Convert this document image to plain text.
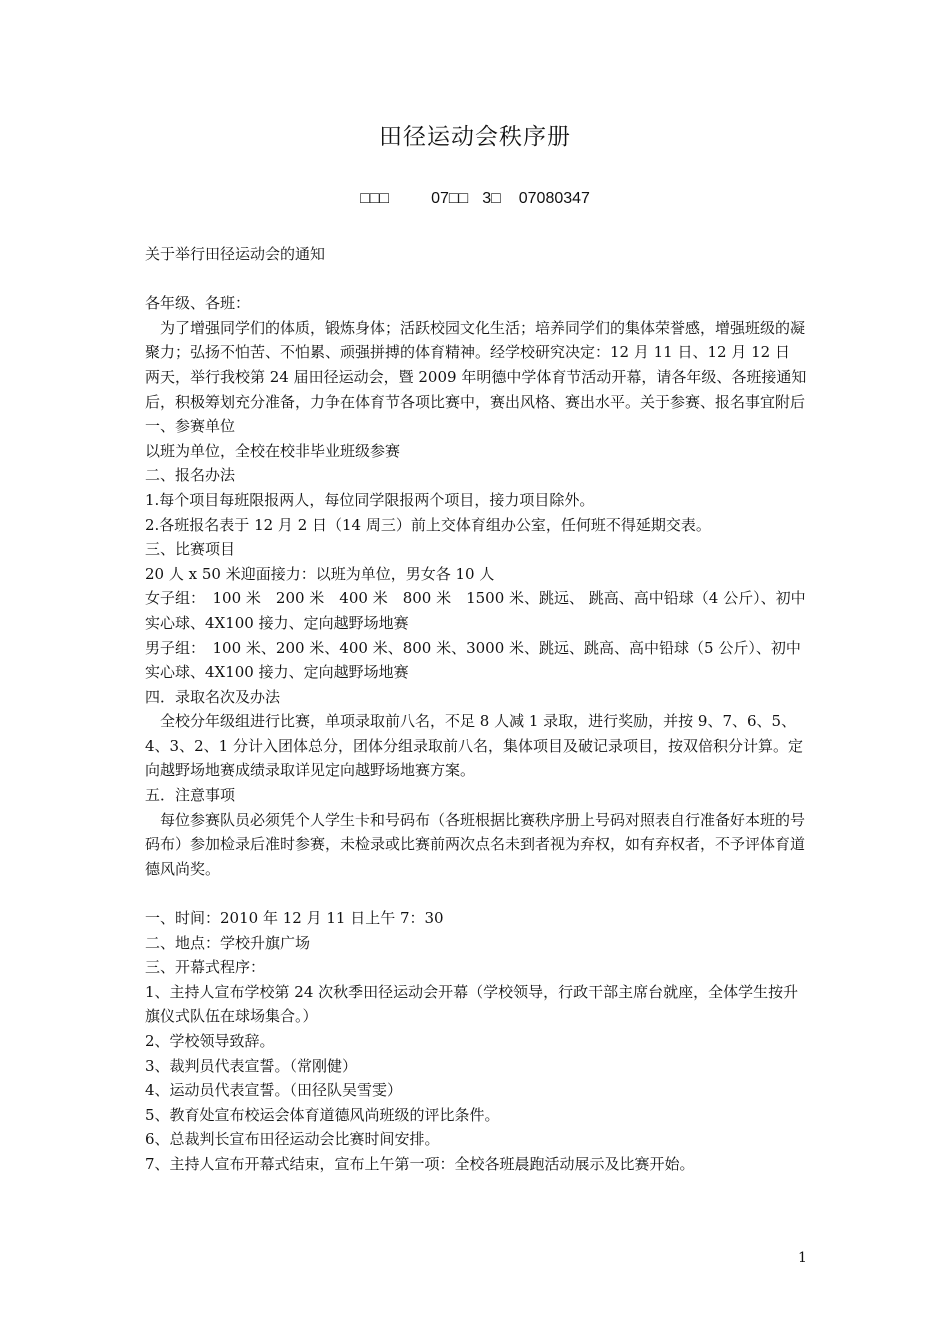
田径运动会秩序册
□□□	07□□ 3□ 07080347

关于举行田径运动会的通知

各年级、各班：

为了增强同学们的体质，锻炼身体；活跃校园文化生活；培养同学们的集体荣誉感，增强班级的凝聚力；弘扬不怕苦、不怕累、顽强拼搏的体育精神。经学校研究决定：12 月 11 日、12 月 12 日　两天，举行我校第 24 届田径运动会，暨 2009 年明德中学体育节活动开幕，请各年级、各班接通知后，积极筹划充分准备，力争在体育节各项比赛中，赛出风格、赛出水平。关于参赛、报名事宜附后

一、参赛单位

以班为单位，全校在校非毕业班级参赛

二、报名办法

1.每个项目每班限报两人，每位同学限报两个项目，接力项目除外。

2.各班报名表于 12 月 2 日（14 周三）前上交体育组办公室，任何班不得延期交表。

三、比赛项目

20 人 x 50 米迎面接力：以班为单位，男女各 10 人

女子组：　100 米　200 米　400 米　800 米　1500 米、跳远、 跳高、高中铅球（4 公斤）、初中实心球、4X100 接力、定向越野场地赛

男子组：　100 米、200 米、400 米、800 米、3000 米、跳远、跳高、高中铅球（5 公斤）、初中实心球、4X100 接力、定向越野场地赛

四．录取名次及办法

全校分年级组进行比赛，单项录取前八名，不足 8 人减 1 录取，进行奖励，并按 9、7、6、5、4、3、2、1 分计入团体总分，团体分组录取前八名，集体项目及破记录项目，按双倍积分计算。定向越野场地赛成绩录取详见定向越野场地赛方案。

五．注意事项

每位参赛队员必须凭个人学生卡和号码布（各班根据比赛秩序册上号码对照表自行准备好本班的号码布）参加检录后准时参赛，未检录或比赛前两次点名未到者视为弃权，如有弃权者，不予评体育道德风尚奖。

一、时间：2010 年 12 月 11 日上午 7：30

二、地点：学校升旗广场

三、开幕式程序：

1、主持人宣布学校第 24 次秋季田径运动会开幕（学校领导，行政干部主席台就座，全体学生按升旗仪式队伍在球场集合。）

2、学校领导致辞。

3、裁判员代表宣誓。（常刚健）

4、运动员代表宣誓。（田径队吴雪雯）

5、教育处宣布校运会体育道德风尚班级的评比条件。

6、总裁判长宣布田径运动会比赛时间安排。

7、主持人宣布开幕式结束，宣布上午第一项：全校各班晨跑活动展示及比赛开始。

1
